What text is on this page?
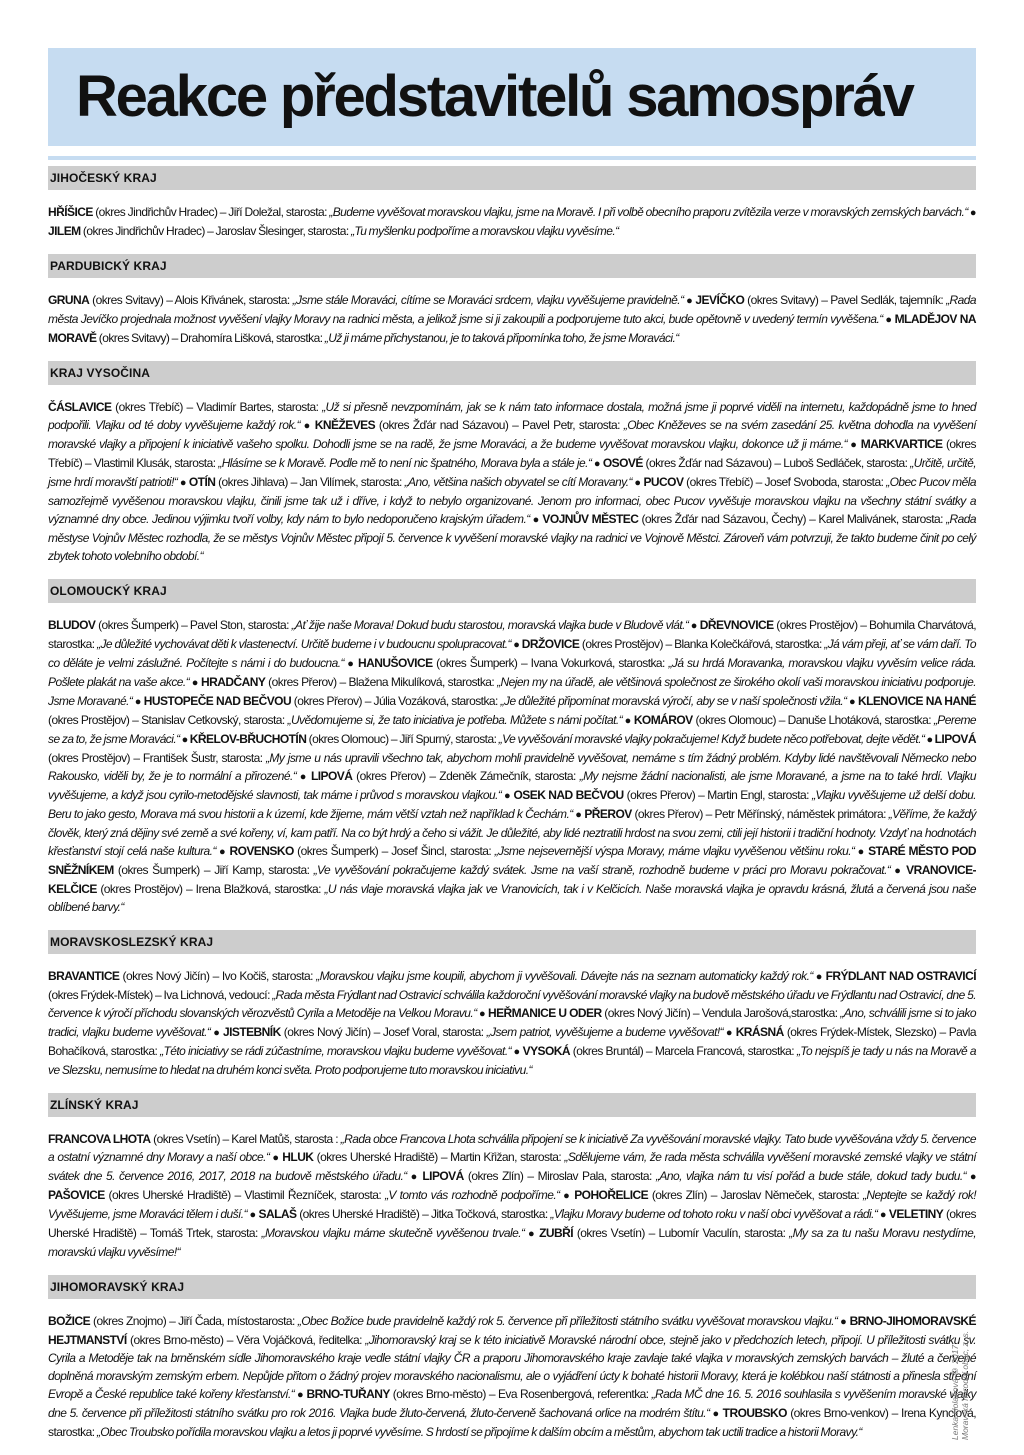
Reakce představitelů samospráv
JIHOČESKÝ KRAJ
HŘÍŠICE (okres Jindřichův Hradec) – Jiří Doležal, starosta: „Budeme vyvěšovat moravskou vlajku, jsme na Moravě. I při volbě obecního praporu zvítězila verze v moravských zemských barvách.“ ● JILEM (okres Jindřichův Hradec) – Jaroslav Šlesinger, starosta: „Tu myšlenku podpoříme a moravskou vlajku vyvěsíme.“
PARDUBICKÝ KRAJ
GRUNA (okres Svitavy) – Alois Křivánek, starosta: „Jsme stále Moraváci, cítíme se Moraváci srdcem, vlajku vyvěšujeme pravidelně.“ ● JEVÍČKO (okres Svitavy) – Pavel Sedlák, tajemník: „Rada města Jevíčko projednala možnost vyvěšení vlajky Moravy na radnici města, a jelikož jsme si ji zakoupili a podporujeme tuto akci, bude opětovně v uvedený termín vyvěšena.“ ● MLADĚJOV NA MORAVĚ (okres Svitavy) – Drahomíra Lišková, starostka: „Už ji máme přichystanou, je to taková připomínka toho, že jsme Moraváci.“
KRAJ VYSOČINA
ČÁSLAVICE (okres Třebíč) – Vladimír Bartes, starosta: „Už si přesně nevzpomínám, jak se k nám tato informace dostala, možná jsme ji poprvé viděli na internetu, každopádně jsme to hned podpořili. Vlajku od té doby vyvěšujeme každý rok.“ ● KNĚŽEVES (okres Žďár nad Sázavou) – Pavel Petr, starosta: „Obec Kněževes se na svém zasedání 25. května dohodla na vyvěšení moravské vlajky a připojení k iniciativě vašeho spolku. Dohodli jsme se na radě, že jsme Moraváci, a že budeme vyvěšovat moravskou vlajku, dokonce už ji máme.“ ● MARKVARTICE (okres Třebíč) – Vlastimil Klusák, starosta: „Hlásíme se k Moravě. Podle mě to není nic špatného, Morava byla a stále je.“ ● OSOVÉ (okres Žďár nad Sázavou) – Luboš Sedláček, starosta: „Určitě, určitě, jsme hrdí moravští patrioti!“ ● OTÍN (okres Jihlava) – Jan Vilímek, starosta: „Ano, většina našich obyvatel se cítí Moravany.“ ● PUCOV (okres Třebíč) – Josef Svoboda, starosta: „Obec Pucov měla samozřejmě vyvěšenou moravskou vlajku, činili jsme tak už i dříve, i když to nebylo organizované. Jenom pro informaci, obec Pucov vyvěšuje moravskou vlajku na všechny státní svátky a významné dny obce. Jedinou výjimku tvoří volby, kdy nám to bylo nedoporučeno krajským úřadem.“ ● VOJNŮV MĚSTEC (okres Žďár nad Sázavou, Čechy) – Karel Malivánek, starosta: „Rada městyse Vojnův Městec rozhodla, že se městys Vojnův Městec připojí 5. července k vyvěšení moravské vlajky na radnici ve Vojnově Městci. Zároveň vám potvrzuji, že takto budeme činit po celý zbytek tohoto volebního období.“
OLOMOUCKÝ KRAJ
BLUDOV (okres Šumperk) – Pavel Ston, starosta: „Ať žije naše Morava! Dokud budu starostou, moravská vlajka bude v Bludově vlát.“ ● DŘEVNOVICE (okres Prostějov) – Bohumila Charvátová, starostka: „Je důležité vychovávat děti k vlastenectví. Určitě budeme i v budoucnu spolupracovat.“ ● DRŽOVICE (okres Prostějov) – Blanka Kolečkářová, starostka: „Já vám přeji, ať se vám daří. To co děláte je velmi záslužné. Počítejte s námi i do budoucna.“ ● HANUŠOVICE (okres Šumperk) – Ivana Vokurková, starostka: „Já su hrdá Moravanka, moravskou vlajku vyvěsím velice ráda. Pošlete plakát na vaše akce.“ ● HRADČANY (okres Přerov) – Blažena Mikulíková, starostka: „Nejen my na úřadě, ale většinová společnost ze širokého okolí vaši moravskou iniciativu podporuje. Jsme Moravané.“ ● HUSTOPEČE NAD BEČVOU (okres Přerov) – Júlia Vozáková, starostka: „Je důležité připomínat moravská výročí, aby se v naší společnosti vžila.“ ● KLENOVICE NA HANÉ (okres Prostějov) – Stanislav Cetkovský, starosta: „Uvědomujeme si, že tato iniciativa je potřeba. Můžete s námi počítat.“ ● KOMÁROV (okres Olomouc) – Danuše Lhotáková, starostka: „Pereme se za to, že jsme Moraváci.“ ● KŘELOV-BŘUCHOTÍN (okres Olomouc) – Jiří Spurný, starosta: „Ve vyvěšování moravské vlajky pokračujeme! Když budete něco potřebovat, dejte vědět.“ ● LIPOVÁ (okres Prostějov) – František Šustr, starosta: „My jsme u nás upravili všechno tak, abychom mohli pravidelně vyvěšovat, nemáme s tím žádný problém. Kdyby lidé navštěvovali Německo nebo Rakousko, viděli by, že je to normální a přirozené.“ ● LIPOVÁ (okres Přerov) – Zdeněk Zámečník, starosta: „My nejsme žádní nacionalisti, ale jsme Moravané, a jsme na to také hrdí. Vlajku vyvěšujeme, a když jsou cyrilo-metodějské slavnosti, tak máme i průvod s moravskou vlajkou.“ ● OSEK NAD BEČVOU (okres Přerov) – Martin Engl, starosta: „Vlajku vyvěšujeme už delší dobu. Beru to jako gesto, Morava má svou historii a k území, kde žijeme, mám větší vztah než například k Čechám.“ ● PŘEROV (okres Přerov) – Petr Měřínský, náměstek primátora: „Věříme, že každý člověk, který zná dějiny své země a své kořeny, ví, kam patří. Na co být hrdý a čeho si vážit. Je důležité, aby lidé neztratili hrdost na svou zemi, ctili její historii i tradiční hodnoty. Vzdyť na hodnotách křesťanství stojí celá naše kultura.“ ● ROVENSKO (okres Šumperk) – Josef Šincl, starosta: „Jsme nejsevernější výspa Moravy, máme vlajku vyvěšenou většinu roku.“ ● STARÉ MĚSTO POD SNĚŽNÍKEM (okres Šumperk) – Jiří Kamp, starosta: „Ve vyvěšování pokračujeme každý svátek. Jsme na vaší straně, rozhodně budeme v práci pro Moravu pokračovat.“ ● VRANOVICE-KELČICE (okres Prostějov) – Irena Blažková, starostka: „U nás vlaje moravská vlajka jak ve Vranovicích, tak i v Kelčicích. Naše moravská vlajka je opravdu krásná, žlutá a červená jsou naše oblíbené barvy.“
MORAVSKOSLEZSKÝ KRAJ
BRAVANTICE (okres Nový Jičín) – Ivo Kočiš, starosta: „Moravskou vlajku jsme koupili, abychom ji vyvěšovali. Dávejte nás na seznam automaticky každý rok.“ ● FRÝDLANT NAD OSTRAVICÍ (okres Frýdek-Místek) – Iva Lichnová, vedoucí: „Rada města Frýdlant nad Ostravicí schválila každoroční vyvěšování moravské vlajky na budově městského úřadu ve Frýdlantu nad Ostravicí, dne 5. července k výročí příchodu slovanských věrozvěstů Cyrila a Metoděje na Velkou Moravu.“ ● HEŘMANICE U ODER (okres Nový Jičín) – Vendula Jarošová,starostka: „Ano, schválili jsme si to jako tradici, vlajku budeme vyvěšovat.“ ● JISTEBNÍK (okres Nový Jičín) – Josef Voral, starosta: „Jsem patriot, vyvěšujeme a budeme vyvěšovat!“ ● KRÁSNÁ (okres Frýdek-Místek, Slezsko) – Pavla Bohačíková, starostka: „Této iniciativy se rádi zúčastníme, moravskou vlajku budeme vyvěšovat.“ ● VYSOKÁ (okres Bruntál) – Marcela Francová, starostka: „To nejspíš je tady u nás na Moravě a ve Slezsku, nemusíme to hledat na druhém konci světa. Proto podporujeme tuto moravskou iniciativu.“
ZLÍNSKÝ KRAJ
FRANCOVA LHOTA (okres Vsetín) – Karel Matůš, starosta : „Rada obce Francova Lhota schválila připojení se k iniciativě Za vyvěšování moravské vlajky. Tato bude vyvěšována vždy 5. července a ostatní významné dny Moravy a naší obce.“ ● HLUK (okres Uherské Hradiště) – Martin Křižan, starosta: „Sdělujeme vám, že rada města schválila vyvěšení moravské zemské vlajky ve státní svátek dne 5. července 2016, 2017, 2018 na budově městského úřadu.“ ● LIPOVÁ (okres Zlín) – Miroslav Pala, starosta: „Ano, vlajka nám tu visí pořád a bude stále, dokud tady budu.“ ● PAŠOVICE (okres Uherské Hradiště) – Vlastimil Řezníček, starosta: „V tomto vás rozhodně podpoříme.“ ● POHOŘELICE (okres Zlín) – Jaroslav Němeček, starosta: „Neptejte se každý rok! Vyvěšujeme, jsme Moraváci tělem i duší.“ ● SALAŠ (okres Uherské Hradiště) – Jitka Točková, starostka: „Vlajku Moravy budeme od tohoto roku v naší obci vyvěšovat a rádi.“ ● VELETINY (okres Uherské Hradiště) – Tomáš Trtek, starosta: „Moravskou vlajku máme skutečně vyvěšenou trvale.“ ● ZUBŘÍ (okres Vsetín) – Lubomír Vaculín, starosta: „My sa za tu našu Moravu nestydíme, moravskú vlajku vyvěsíme!“
JIHOMORAVSKÝ KRAJ
BOŽICE (okres Znojmo) – Jiří Čada, místostarosta: „Obec Božice bude pravidelně každý rok 5. července při příležitosti státního svátku vyvěšovat moravskou vlajku.“ ● BRNO-JIHOMORAVSKÉ HEJTMANSTVÍ (okres Brno-město) – Věra Vojáčková, ředitelka: „Jihomoravský kraj se k této iniciativě Moravské národní obce, stejně jako v předchozích letech, připojí. U příležitosti svátku sv. Cyrila a Metoděje tak na brněnském sídle Jihomoravského kraje vedle státní vlajky ČR a praporu Jihomoravského kraje zavlaje také vlajka v moravských zemských barvách – žluté a červené doplněná moravským zemským erbem. Nepůjde přitom o žádný projev moravského nacionalismu, ale o vyjádření úcty k bohaté historii Moravy, která je kolébkou naší státnosti a přinesla střední Evropě a České republice také kořeny křesťanství.“ ● BRNO-TUŘANY (okres Brno-město) – Eva Rosenbergová, referentka: „Rada MČ dne 16. 5. 2016 souhlasila s vyvěšením moravské vlajky dne 5. července při příležitosti státního svátku pro rok 2016. Vlajka bude žluto-červená, žluto-červeně šachovaná orlice na modrém štítu.“ ● TROUBSKO (okres Brno-venkov) – Irena Kynclová, starostka: „Obec Troubsko pořídila moravskou vlajku a letos ji poprvé vyvěsíme. S hrdostí se připojíme k dalším obcím a městům, abychom tak uctili tradice a historii Moravy.“	Lenka Holaňová © 2017 Moravská národní obec, z. s.
